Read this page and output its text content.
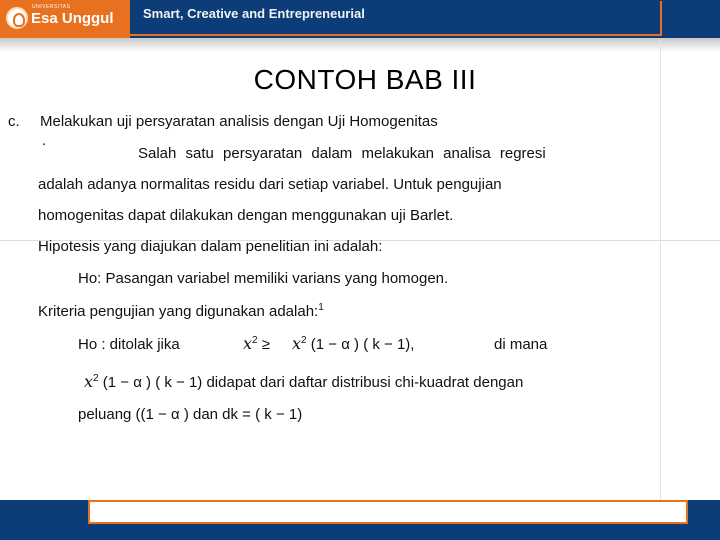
UNIVERSITAS
Esa Unggul Smart, Creative and Entrepreneurial
CONTOH BAB III
c. Melakukan uji persyaratan analisis dengan Uji Homogenitas
.
Salah satu persyaratan dalam melakukan analisa regresi
adalah adanya normalitas residu dari setiap variabel. Untuk pengujian
homogenitas dapat dilakukan dengan menggunakan uji Barlet.
Hipotesis yang diajukan dalam penelitian ini adalah:
Ho: Pasangan variabel memiliki varians yang homogen.
Kriteria pengujian yang digunakan adalah:$^1$
Ho : ditolak jika	$x^2 \ge x^2$ (1 − α ) ( k − 1),	di mana
$x^2$ (1 − α ) ( k − 1) didapat dari daftar distribusi chi-kuadrat dengan
peluang ((1 − α ) dan dk = ( k − 1)
